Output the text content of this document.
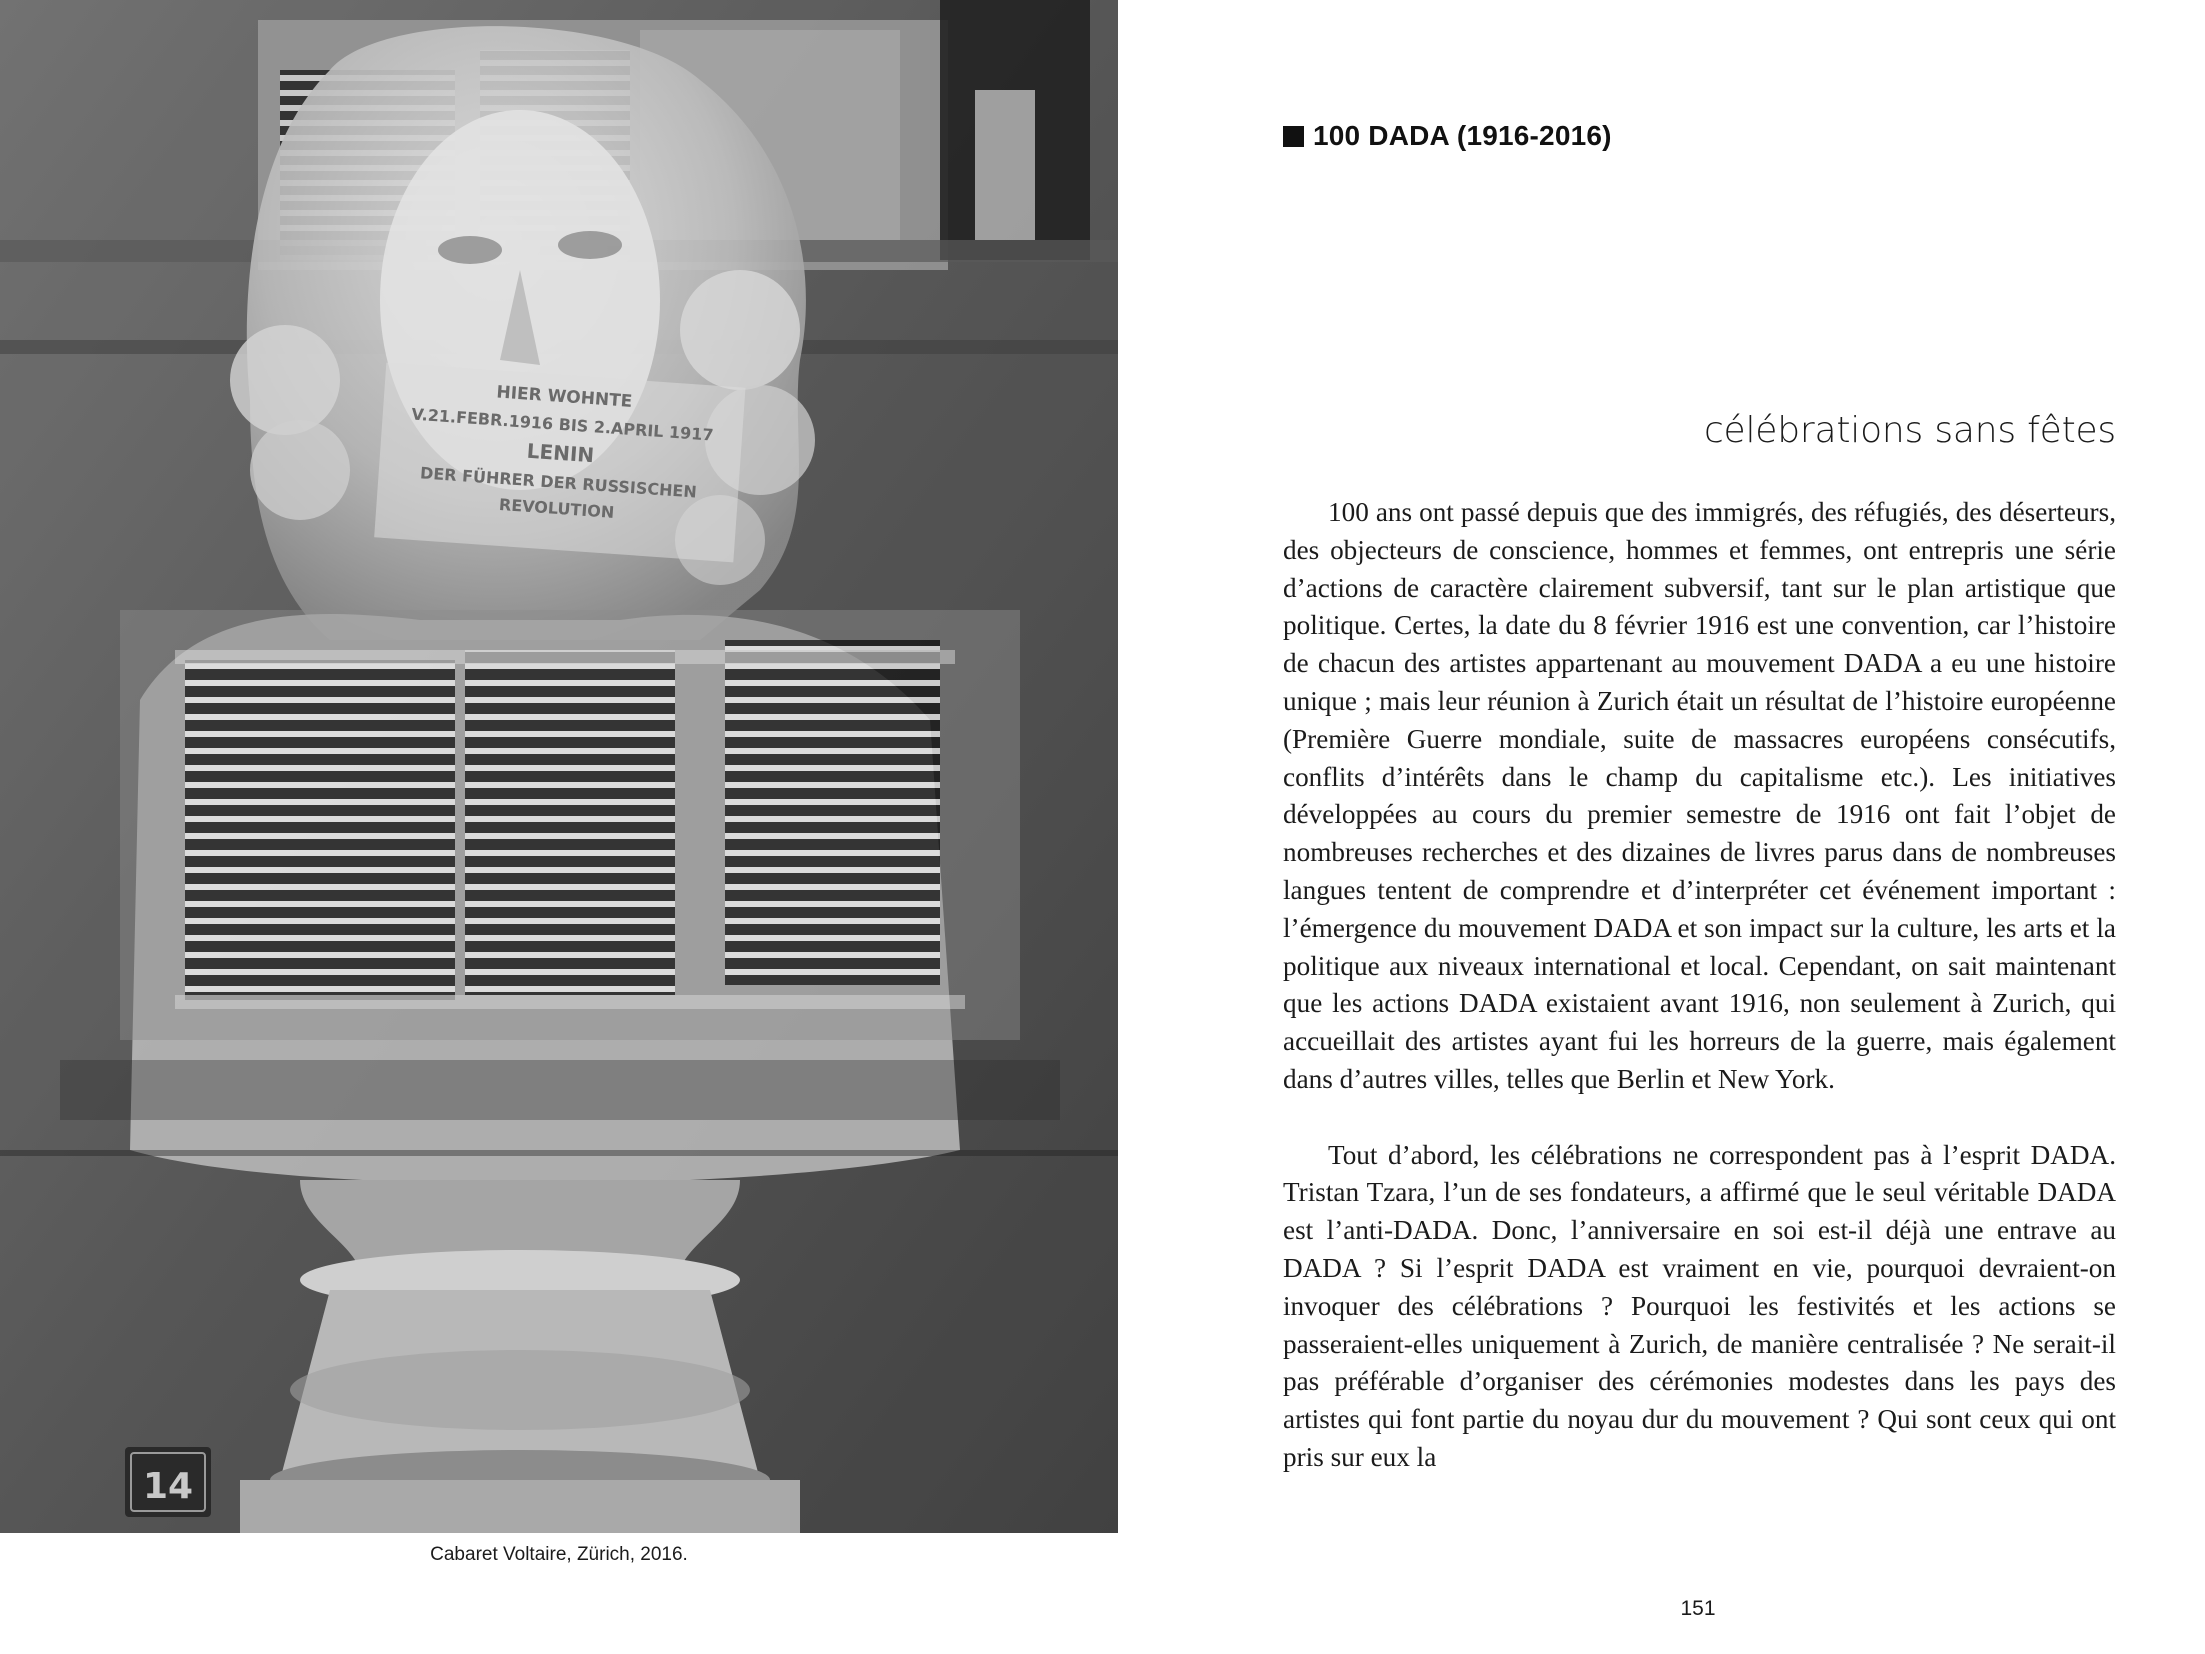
HIER WOHNTE
V.21.FEBR.1916 BIS 2.APRIL 1917
LENIN
DER FÜHRER DER RUSSISCHEN
REVOLUTION
14
Cabaret Voltaire, Zürich, 2016.
100 DADA (1916-2016)
célébrations sans fêtes

100 ans ont passé depuis que des immigrés, des réfugiés, des déserteurs, des objecteurs de conscience, hommes et femmes, ont entrepris une série d’actions de caractère clairement subversif, tant sur le plan artistique que politique. Certes, la date du 8 février 1916 est une convention, car l’histoire de chacun des artistes appartenant au mouvement DADA a eu une histoire unique ; mais leur réunion à Zurich était un résultat de l’histoire européenne (Première Guerre mondiale, suite de massacres européens consécutifs, conflits d’intérêts dans le champ du capitalisme etc.). Les initiatives développées au cours du premier semestre de 1916 ont fait l’objet de nombreuses recherches et des dizaines de livres parus dans de nombreuses langues tentent de comprendre et d’interpréter cet événement important : l’émergence du mouvement DADA et son impact sur la culture, les arts et la politique aux niveaux international et local. Cependant, on sait maintenant que les actions DADA existaient avant 1916, non seulement à Zurich, qui accueillait des artistes ayant fui les horreurs de la guerre, mais également dans d’autres villes, telles que Berlin et New York.

Tout d’abord, les célébrations ne correspondent pas à l’esprit DADA. Tristan Tzara, l’un de ses fondateurs, a affirmé que le seul véritable DADA est l’anti-DADA. Donc, l’anniversaire en soi est-il déjà une entrave au DADA ? Si l’esprit DADA est vraiment en vie, pourquoi devraient-on invoquer des célébrations ? Pourquoi les festivités et les actions se passeraient-elles uniquement à Zurich, de manière centralisée ? Ne serait-il pas préférable d’organiser des cérémonies modestes dans les pays des artistes qui font partie du noyau dur du mouvement ? Qui sont ceux qui ont pris sur eux la

151
